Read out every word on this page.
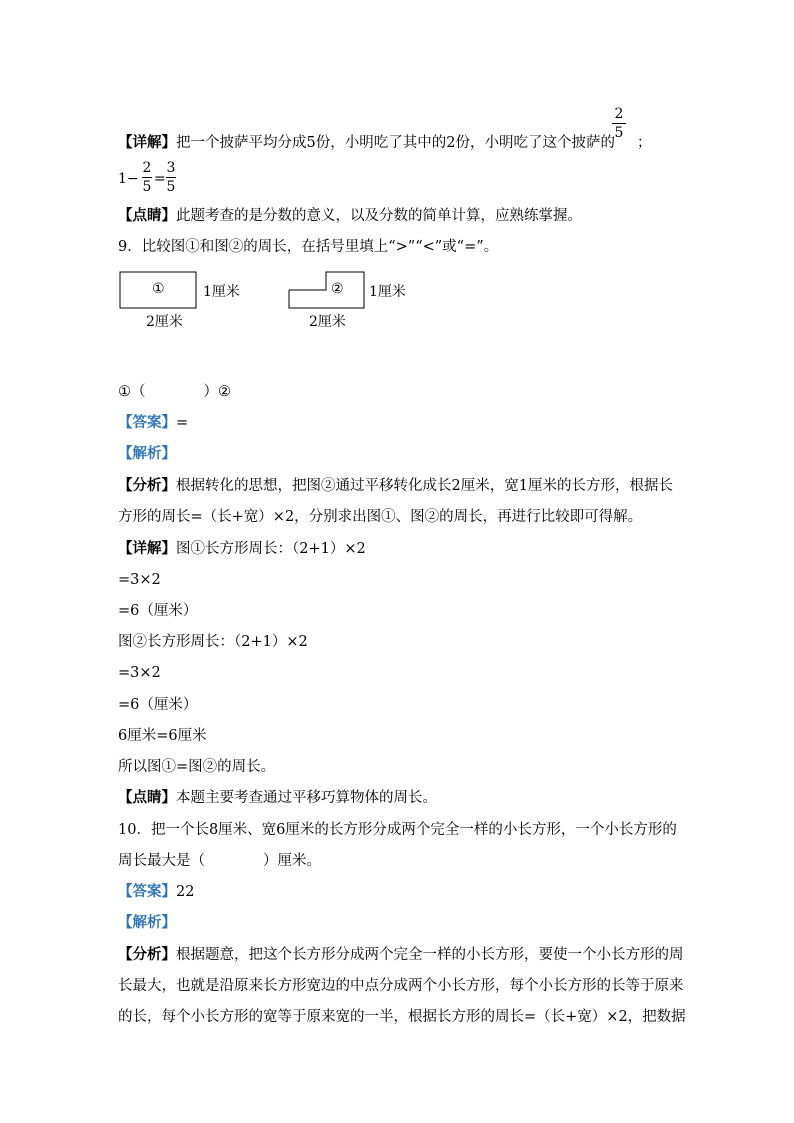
2
5
【详解】把一个披萨平均分成5份，小明吃了其中的2份，小明吃了这个披萨的 ；
1−
2
5 =
3
5
【点睛】此题考查的是分数的意义，以及分数的简单计算，应熟练掌握。
9．比较图①和图②的周长，在括号里填上“>”“<”或“=”。
①	1厘米
2厘米
② 1厘米
2厘米
①（　　　　）②
【答案】=
【解析】
【分析】根据转化的思想，把图②通过平移转化成长2厘米，宽1厘米的长方形，根据长
方形的周长=（长+宽）×2，分别求出图①、图②的周长，再进行比较即可得解。
【详解】图①长方形周长：（2+1）×2
=3×2
=6（厘米）
图②长方形周长：（2+1）×2
=3×2
=6（厘米）
6厘米=6厘米
所以图①=图②的周长。
【点睛】本题主要考查通过平移巧算物体的周长。
10．把一个长8厘米、宽6厘米的长方形分成两个完全一样的小长方形，一个小长方形的
周长最大是（　　　　）厘米。
【答案】22
【解析】
【分析】根据题意，把这个长方形分成两个完全一样的小长方形，要使一个小长方形的周
长最大，也就是沿原来长方形宽边的中点分成两个小长方形，每个小长方形的长等于原来
的长，每个小长方形的宽等于原来宽的一半，根据长方形的周长=（长+宽）×2，把数据
